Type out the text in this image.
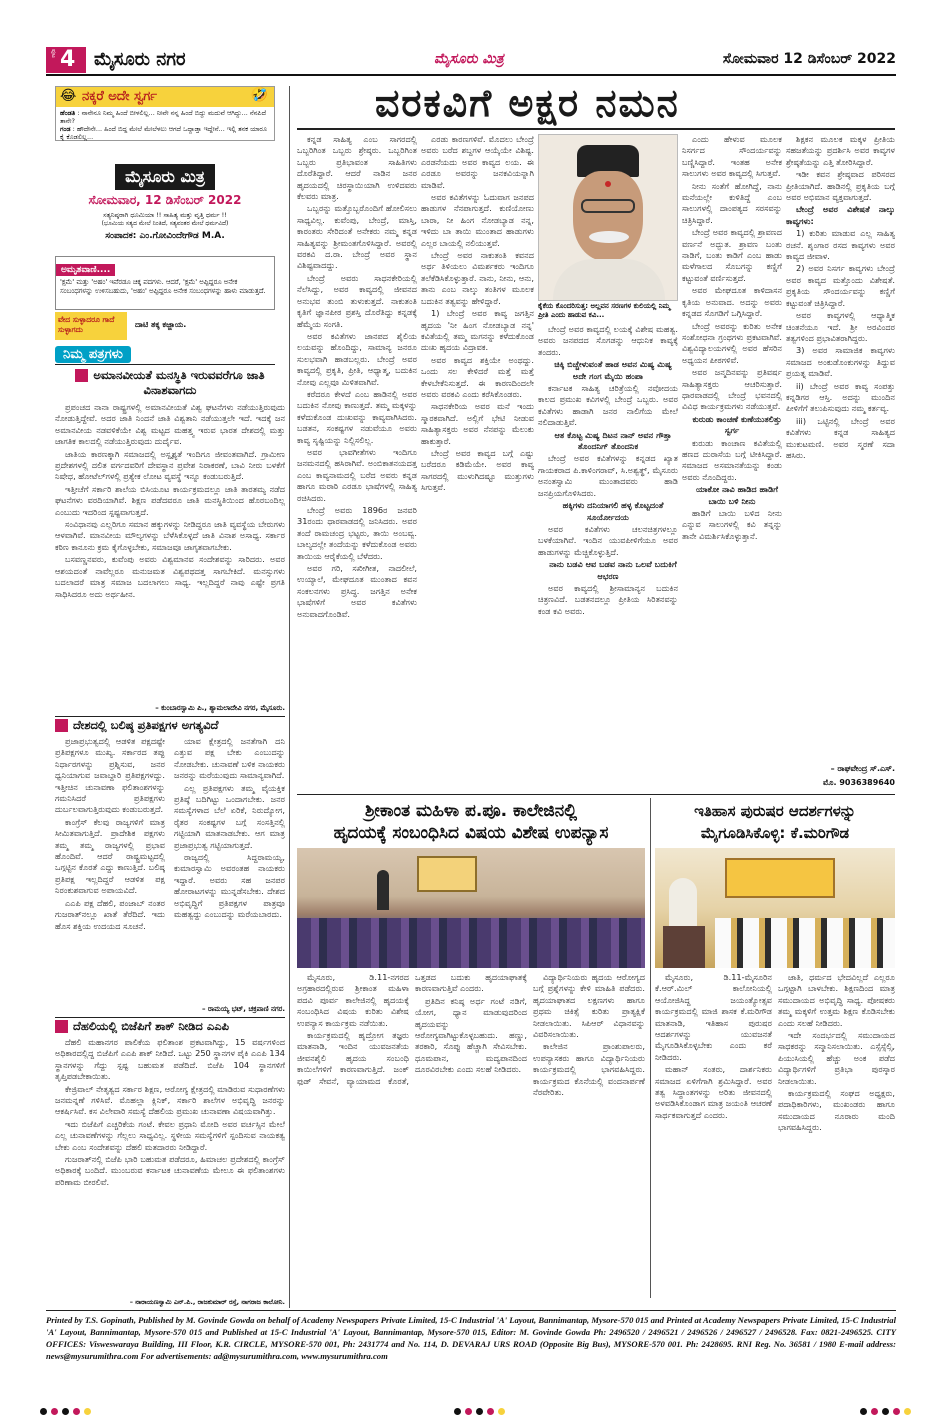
ಪುಟ 4 ಮೈಸೂರು ನಗರ	ಮೈಸೂರು ಮಿತ್ರ	ಸೋಮವಾರ 12 ಡಿಸೆಂಬರ್ 2022
😂 ನಕ್ಕರೆ ಅದೇ ಸ್ವರ್ಗ	🤣
ಹೆಂಡತಿ : ನಾನೇನೂ ನಿಮ್ಮ ಹಿಂದೆ ಬೀಳಲಿಲ್ಲ... ನೀವೇ ನನ್ನ ಹಿಂದೆ ಬಿದ್ದು ಮದುವೆ ಆಗಿದ್ದು... ನೆನಪಿದೆ ತಾನೇ?
ಗಂಡ : ಹೌದೇನೇ... ಹಿಂದೆ ಬಿದ್ದ ಮೇಲೆ ಮೇಲೆಳಲು ಆಗದೆ ಒದ್ದಾಡ್ತಾ ಇದ್ದೇನೆ... ಇಲ್ಲಿ ತನಕ ಯಾರೂ ಕೈ ಕೊಡಲಿಲ್ಲ...
ಮೈಸೂರು ಮಿತ್ರ
ಸೋಮವಾರ, 12 ಡಿಸೆಂಬರ್ 2022
ಸತ್ಯನಿಷ್ಠರಾಗಿ ಧೂಮಿಯಾ !! ಸಾಹಿತ್ಯ ಮತ್ತು ವೃತ್ತಿ ಧರ್ಮ !!
(ಭೂಮಿಯ ಸತ್ಯದ ಮೇಲೆ ನಿಂತಿದೆ, ಸತ್ಯವಂತರ ಮೇಲೆ ಧರ್ಮವಿದೆ)
ಸಂಪಾದಕ: ಎಂ.ಗೋವಿಂದೇಗೌಡ M.A.
ಅಮೃತವಾಣಿ....
'ಕ್ಷಮೆ' ಮತ್ತು 'ಅಹಂ' ಇವೆರಡೂ ಚಿಕ್ಕ ಪದಗಳು. ಆದರೆ, 'ಕ್ಷಮೆ' ಅಪ್ಪಿದ್ದರೂ ಅನೇಕ ಸಂಬಂಧಗಳನ್ನು ಉಳಿಸಬಹುದು, 'ಅಹಂ' ಅಪ್ಪಿದ್ದರೂ ಅನೇಕ ಸಂಬಂಧಗಳನ್ನು ಹಾಳು ಮಾಡುತ್ತದೆ.
ವೇದ ಸುಳ್ಳಾದರೂ ಗಾದೆ ಸುಳ್ಳಾಗದು
ದಾಟಿ ತಕ್ಕ ಕಜ್ಜಾಯ.
ನಿಮ್ಮ ಪತ್ರಗಳು
ಅಮಾನವೀಯತೆ ಮನಸ್ಥಿತಿ ಇರುವವರೆಗೂ ಜಾತಿ ವಿನಾಶವಾಗದು

ಪ್ರಪಂಚದ ನಾನಾ ರಾಷ್ಟ್ರಗಳಲ್ಲಿ ಅಮಾನವೀಯತೆ ವಿಶ್ವ ಘಟನೆಗಳು ನಡೆಯುತ್ತಿರುವುದು ನೋಡುತ್ತಿದ್ದೇವೆ. ಅದರ ಜಾತಿ ನಿಂದನೆ ಜಾತಿ ವಿಶ್ವತಾನಿ ನಡೆಯುತ್ತಲೇ ಇದೆ. ಇದಕ್ಕೆ ಜನ ಅಮಾನವೀಯ ನಡವಳಿಕೆಯೇ ವಿಶ್ವ ಮಟ್ಟದ ಮಹತ್ತ್ವ ಇರುವ ಭಾರತ ದೇಶದಲ್ಲಿ ಮತ್ತು ಜಾಗತಿಕ ಕಾಲದಲ್ಲಿ ನಡೆಯುತ್ತಿರುವುದು ದುರ್ದೈವ.

ಜಾತಿಯ ಕಾರಣಕ್ಕಾಗಿ ಸಮಾಜದಲ್ಲಿ ಅಸ್ಪೃಶ್ಯತೆ ಇಂದಿಗೂ ಜೀವಂತವಾಗಿದೆ. ಗ್ರಾಮೀಣ ಪ್ರದೇಶಗಳಲ್ಲಿ ದಲಿತ ವರ್ಗದವರಿಗೆ ದೇವಸ್ಥಾನ ಪ್ರವೇಶ ನಿರಾಕರಣೆ, ಬಾವಿ ನೀರು ಬಳಕೆಗೆ ನಿಷೇಧ, ಹೋಟೆಲ್‌ಗಳಲ್ಲಿ ಪ್ರತ್ಯೇಕ ಲೋಟ ವ್ಯವಸ್ಥೆ ಇನ್ನೂ ಕಂಡುಬರುತ್ತಿದೆ.

ಇತ್ತೀಚೆಗೆ ಸರ್ಕಾರಿ ಶಾಲೆಯ ಬಿಸಿಯೂಟ ಕಾರ್ಯಕ್ರಮದಲ್ಲೂ ಜಾತಿ ತಾರತಮ್ಯ ನಡೆದ ಘಟನೆಗಳು ವರದಿಯಾಗಿವೆ. ಶಿಕ್ಷಣ ಪಡೆದವರೂ ಜಾತಿ ಮನಸ್ಥಿತಿಯಿಂದ ಹೊರಬಂದಿಲ್ಲ ಎಂಬುದು ಇದರಿಂದ ಸ್ಪಷ್ಟವಾಗುತ್ತದೆ.

ಸಂವಿಧಾನವು ಎಲ್ಲರಿಗೂ ಸಮಾನ ಹಕ್ಕುಗಳನ್ನು ನೀಡಿದ್ದರೂ ಜಾತಿ ವ್ಯವಸ್ಥೆಯ ಬೇರುಗಳು ಆಳವಾಗಿವೆ. ಮಾನವೀಯ ಮೌಲ್ಯಗಳನ್ನು ಬೆಳೆಸಿಕೊಳ್ಳದೆ ಜಾತಿ ವಿನಾಶ ಅಸಾಧ್ಯ. ಸರ್ಕಾರ ಕಠಿಣ ಕಾನೂನು ಕ್ರಮ ಕೈಗೊಳ್ಳಬೇಕು, ಸಮಾಜವೂ ಜಾಗೃತವಾಗಬೇಕು.

ಬಸವಣ್ಣನವರು, ಕುವೆಂಪು ಅವರು ವಿಶ್ವಮಾನವ ಸಂದೇಶವನ್ನು ಸಾರಿದರು. ಅವರ ಆಶಯದಂತೆ ನಾವೆಲ್ಲರೂ ಮನುಜಮತ ವಿಶ್ವಪಥದತ್ತ ಸಾಗಬೇಕಿದೆ. ಮನಸ್ಸುಗಳು ಬದಲಾದರೆ ಮಾತ್ರ ಸಮಾಜ ಬದಲಾಗಲು ಸಾಧ್ಯ. ಇಲ್ಲದಿದ್ದರೆ ನಾವು ಎಷ್ಟೇ ಪ್ರಗತಿ ಸಾಧಿಸಿದರೂ ಅದು ಅರ್ಥಹೀನ.

– ಕುಂಬಾರಸ್ವಾಮಿ ಪಿ., ಶ್ಯಾಮಲಾದೇವಿ ನಗರ, ಮೈಸೂರು.
ದೇಶದಲ್ಲಿ ಬಲಿಷ್ಠ ಪ್ರತಿಪಕ್ಷಗಳ ಅಗತ್ಯವಿದೆ

ಪ್ರಜಾಪ್ರಭುತ್ವದಲ್ಲಿ ಆಡಳಿತ ಪಕ್ಷದಷ್ಟೇ ಪ್ರತಿಪಕ್ಷಗಳೂ ಮುಖ್ಯ. ಸರ್ಕಾರದ ತಪ್ಪು ನಿರ್ಧಾರಗಳನ್ನು ಪ್ರಶ್ನಿಸುವ, ಜನರ ಧ್ವನಿಯಾಗುವ ಜವಾಬ್ದಾರಿ ಪ್ರತಿಪಕ್ಷಗಳದ್ದು. ಇತ್ತೀಚಿನ ಚುನಾವಣಾ ಫಲಿತಾಂಶಗಳನ್ನು ಗಮನಿಸಿದರೆ ಪ್ರತಿಪಕ್ಷಗಳು ದುರ್ಬಲವಾಗುತ್ತಿರುವುದು ಕಂಡುಬರುತ್ತದೆ.

ಕಾಂಗ್ರೆಸ್ ಕೆಲವು ರಾಜ್ಯಗಳಿಗೆ ಮಾತ್ರ ಸೀಮಿತವಾಗುತ್ತಿದೆ. ಪ್ರಾದೇಶಿಕ ಪಕ್ಷಗಳು ತಮ್ಮ ತಮ್ಮ ರಾಜ್ಯಗಳಲ್ಲಿ ಪ್ರಭಾವ ಹೊಂದಿವೆ. ಆದರೆ ರಾಷ್ಟ್ರಮಟ್ಟದಲ್ಲಿ ಒಗ್ಗಟ್ಟಿನ ಕೊರತೆ ಎದ್ದು ಕಾಣುತ್ತಿದೆ. ಬಲಿಷ್ಠ ಪ್ರತಿಪಕ್ಷ ಇಲ್ಲದಿದ್ದರೆ ಆಡಳಿತ ಪಕ್ಷ ನಿರಂಕುಶವಾಗುವ ಅಪಾಯವಿದೆ.

ಎಎಪಿ ಪಕ್ಷ ದೆಹಲಿ, ಪಂಜಾಬ್ ನಂತರ ಗುಜರಾತ್‌ನಲ್ಲೂ ಖಾತೆ ತೆರೆದಿದೆ. ಇದು ಹೊಸ ಶಕ್ತಿಯ ಉದಯದ ಸೂಚನೆ.

ಯಾವ ಕ್ಷೇತ್ರದಲ್ಲಿ ಜನತೆಗಾಗಿ ದನಿ ಎತ್ತುವ ಪಕ್ಷ ಬೇಕು ಎಂಬುದನ್ನು ನೋಡಬೇಕು. ಚುನಾವಣೆ ಬಳಿಕ ನಾಯಕರು ಜನರನ್ನು ಮರೆಯುವುದು ಸಾಮಾನ್ಯವಾಗಿದೆ.

ಎಲ್ಲ ಪ್ರತಿಪಕ್ಷಗಳು ತಮ್ಮ ವೈಯಕ್ತಿಕ ಪ್ರತಿಷ್ಠೆ ಬದಿಗಿಟ್ಟು ಒಂದಾಗಬೇಕು. ಜನರ ಸಮಸ್ಯೆಗಳಾದ ಬೆಲೆ ಏರಿಕೆ, ನಿರುದ್ಯೋಗ, ರೈತರ ಸಂಕಷ್ಟಗಳ ಬಗ್ಗೆ ಸಂಸತ್ತಿನಲ್ಲಿ ಗಟ್ಟಿಯಾಗಿ ಮಾತನಾಡಬೇಕು. ಆಗ ಮಾತ್ರ ಪ್ರಜಾಪ್ರಭುತ್ವ ಗಟ್ಟಿಯಾಗುತ್ತದೆ.

ರಾಜ್ಯದಲ್ಲಿ ಸಿದ್ದರಾಮಯ್ಯ, ಕುಮಾರಸ್ವಾಮಿ ಅವರಂತಹ ನಾಯಕರು ಇದ್ದಾರೆ. ಅವರು ಸಹ ಜನಪರ ಹೋರಾಟಗಳನ್ನು ಮುನ್ನಡೆಸಬೇಕು. ದೇಶದ ಅಭಿವೃದ್ಧಿಗೆ ಪ್ರತಿಪಕ್ಷಗಳ ಪಾತ್ರವೂ ಮಹತ್ವದ್ದು ಎಂಬುದನ್ನು ಮರೆಯಬಾರದು.

– ರಾಮಯ್ಯ ಭಟ್, ಚಕ್ರಪಾಣಿ ನಗರ.
ದೆಹಲಿಯಲ್ಲಿ ಬಿಜೆಪಿಗೆ ಶಾಕ್ ನೀಡಿದ ಎಎಪಿ

ದೆಹಲಿ ಮಹಾನಗರ ಪಾಲಿಕೆಯ ಫಲಿತಾಂಶ ಪ್ರಕಟವಾಗಿದ್ದು, 15 ವರ್ಷಗಳಿಂದ ಅಧಿಕಾರದಲ್ಲಿದ್ದ ಬಿಜೆಪಿಗೆ ಎಎಪಿ ಶಾಕ್ ನೀಡಿದೆ. ಒಟ್ಟು 250 ಸ್ಥಾನಗಳ ಪೈಕಿ ಎಎಪಿ 134 ಸ್ಥಾನಗಳನ್ನು ಗೆದ್ದು ಸ್ಪಷ್ಟ ಬಹುಮತ ಪಡೆದಿದೆ. ಬಿಜೆಪಿ 104 ಸ್ಥಾನಗಳಿಗೆ ತೃಪ್ತಿಪಡಬೇಕಾಯಿತು.

ಕೇಜ್ರಿವಾಲ್ ನೇತೃತ್ವದ ಸರ್ಕಾರ ಶಿಕ್ಷಣ, ಆರೋಗ್ಯ ಕ್ಷೇತ್ರದಲ್ಲಿ ಮಾಡಿರುವ ಸುಧಾರಣೆಗಳು ಜನಮನ್ನಣೆ ಗಳಿಸಿವೆ. ಮೊಹಲ್ಲಾ ಕ್ಲಿನಿಕ್, ಸರ್ಕಾರಿ ಶಾಲೆಗಳ ಅಭಿವೃದ್ಧಿ ಜನರನ್ನು ಆಕರ್ಷಿಸಿವೆ. ಕಸ ವಿಲೇವಾರಿ ಸಮಸ್ಯೆ ದೆಹಲಿಯ ಪ್ರಮುಖ ಚುನಾವಣಾ ವಿಷಯವಾಗಿತ್ತು.

ಇದು ಬಿಜೆಪಿಗೆ ಎಚ್ಚರಿಕೆಯ ಗಂಟೆ. ಕೇವಲ ಪ್ರಧಾನಿ ಮೋದಿ ಅವರ ವರ್ಚಸ್ಸಿನ ಮೇಲೆ ಎಲ್ಲ ಚುನಾವಣೆಗಳನ್ನು ಗೆಲ್ಲಲು ಸಾಧ್ಯವಿಲ್ಲ. ಸ್ಥಳೀಯ ಸಮಸ್ಯೆಗಳಿಗೆ ಸ್ಪಂದಿಸುವ ನಾಯಕತ್ವ ಬೇಕು ಎಂಬ ಸಂದೇಶವನ್ನು ದೆಹಲಿ ಮತದಾರರು ನೀಡಿದ್ದಾರೆ.

ಗುಜರಾತ್‌ನಲ್ಲಿ ಬಿಜೆಪಿ ಭಾರಿ ಬಹುಮತ ಪಡೆದರೂ, ಹಿಮಾಚಲ ಪ್ರದೇಶದಲ್ಲಿ ಕಾಂಗ್ರೆಸ್ ಅಧಿಕಾರಕ್ಕೆ ಬಂದಿದೆ. ಮುಂಬರುವ ಕರ್ನಾಟಕ ಚುನಾವಣೆಯ ಮೇಲೂ ಈ ಫಲಿತಾಂಶಗಳು ಪರಿಣಾಮ ಬೀರಲಿವೆ.

– ನಾರಾಯಣಸ್ವಾಮಿ ಎನ್.ಪಿ., ರಾಜಕುಮಾರ್ ರಸ್ತೆ, ನಾಗರಾಜ ಕಾಲೋನಿ.
ವರಕವಿಗೆ ಅಕ್ಷರ ನಮನ

ಕನ್ನಡ ಸಾಹಿತ್ಯ ಎಂಬ ಸಾಗರದಲ್ಲಿ ಒಬ್ಬರಿಗಿಂತ ಒಬ್ಬರು ಶ್ರೇಷ್ಠರು. ಒಬ್ಬರಿಗಿಂತ ಒಬ್ಬರು ಪ್ರತಿಭಾವಂತ ಸಾಹಿತಿಗಳು ದೊರೆತಿದ್ದಾರೆ. ಆದರೆ ನಾಡಿನ ಜನರ ಹೃದಯದಲ್ಲಿ ಚಿರಸ್ಥಾಯಿಯಾಗಿ ಉಳಿದವರು ಕೆಲವರು ಮಾತ್ರ.

ಒಬ್ಬರನ್ನು ಮತ್ತೊಬ್ಬರೊಂದಿಗೆ ಹೋಲಿಸಲು ಸಾಧ್ಯವಿಲ್ಲ. ಕುವೆಂಪು, ಬೇಂದ್ರೆ, ಮಾಸ್ತಿ, ಕಾರಂತರು ಸೇರಿದಂತೆ ಅನೇಕರು ನಮ್ಮ ಕನ್ನಡ ಸಾಹಿತ್ಯವನ್ನು ಶ್ರೀಮಂತಗೊಳಿಸಿದ್ದಾರೆ. ಅವರಲ್ಲಿ ವರಕವಿ ದ.ರಾ. ಬೇಂದ್ರೆ ಅವರ ಸ್ಥಾನ ವಿಶಿಷ್ಟವಾದದ್ದು.

ಬೇಂದ್ರೆ ಅವರು ಸಾಧನಕೇರಿಯಲ್ಲಿ ನೆಲೆಸಿದ್ದು, ಅವರ ಕಾವ್ಯದಲ್ಲಿ ಜೀವನದ ಅನುಭವ ತುಂಬಿ ತುಳುಕುತ್ತದೆ. ನಾಕುತಂತಿ ಕೃತಿಗೆ ಜ್ಞಾನಪೀಠ ಪ್ರಶಸ್ತಿ ದೊರೆತಿದ್ದು ಕನ್ನಡಕ್ಕೆ ಹೆಮ್ಮೆಯ ಸಂಗತಿ.

ಅವರ ಕವಿತೆಗಳು ಜಾನಪದ ಶೈಲಿಯ ಲಯವನ್ನು ಹೊಂದಿದ್ದು, ಸಾಮಾನ್ಯ ಜನರೂ ಸುಲಭವಾಗಿ ಹಾಡಬಲ್ಲರು. ಬೇಂದ್ರೆ ಅವರ ಕಾವ್ಯದಲ್ಲಿ ಪ್ರಕೃತಿ, ಪ್ರೀತಿ, ಆಧ್ಯಾತ್ಮ, ಬದುಕಿನ ನೋವು ಎಲ್ಲವೂ ಮಿಳಿತವಾಗಿವೆ.

ಕರೆದರೂ ಕೇಳದೆ ಎಂಬ ಹಾಡಿನಲ್ಲಿ ಅವರ ಬದುಕಿನ ನೋವು ಕಾಣುತ್ತದೆ. ತಮ್ಮ ಮಕ್ಕಳನ್ನು ಕಳೆದುಕೊಂಡ ದುಃಖವನ್ನು ಕಾವ್ಯವಾಗಿಸಿದರು. ಬಡತನ, ಸಂಕಷ್ಟಗಳ ನಡುವೆಯೂ ಅವರು ಕಾವ್ಯ ಸೃಷ್ಟಿಯನ್ನು ನಿಲ್ಲಿಸಲಿಲ್ಲ.

ಅವರ ಭಾವಗೀತೆಗಳು ಇಂದಿಗೂ ಜನಮನದಲ್ಲಿ ಹಸಿರಾಗಿವೆ. ಅಂಬಿಕಾತನಯದತ್ತ ಎಂಬ ಕಾವ್ಯನಾಮದಲ್ಲಿ ಬರೆದ ಅವರು ಕನ್ನಡ ಹಾಗೂ ಮರಾಠಿ ಎರಡೂ ಭಾಷೆಗಳಲ್ಲಿ ಸಾಹಿತ್ಯ ರಚಿಸಿದರು.

ಬೇಂದ್ರೆ ಅವರು 1896ರ ಜನವರಿ 31ರಂದು ಧಾರವಾಡದಲ್ಲಿ ಜನಿಸಿದರು. ಅವರ ತಂದೆ ರಾಮಚಂದ್ರ ಭಟ್ಟರು, ತಾಯಿ ಅಂಬವ್ವ. ಬಾಲ್ಯದಲ್ಲೇ ತಂದೆಯನ್ನು ಕಳೆದುಕೊಂಡ ಅವರು ತಾಯಿಯ ಆರೈಕೆಯಲ್ಲಿ ಬೆಳೆದರು.

ಅವರ ಗರಿ, ಸಖೀಗೀತ, ನಾದಲೀಲೆ, ಉಯ್ಯಾಲೆ, ಮೇಘದೂತ ಮುಂತಾದ ಕವನ ಸಂಕಲನಗಳು ಪ್ರಸಿದ್ಧ. ಜಗತ್ತಿನ ಅನೇಕ ಭಾಷೆಗಳಿಗೆ ಅವರ ಕವಿತೆಗಳು ಅನುವಾದಗೊಂಡಿವೆ.

ಎರಡು ಕಾರಣಗಳಿವೆ. ಮೊದಲು ಬೇಂದ್ರೆ ಅವರು ಬರೆದ ಶಬ್ದಗಳ ಆಯ್ಕೆಯೇ ವಿಶಿಷ್ಟ. ಎರಡನೆಯದು ಅವರ ಕಾವ್ಯದ ಲಯ. ಈ ಎರಡೂ ಅವರನ್ನು ಜನಕವಿಯನ್ನಾಗಿ ಮಾಡಿವೆ.

ಅವರ ಕವಿತೆಗಳನ್ನು ಓದುವಾಗ ಜನಪದ ಹಾಡುಗಳ ನೆನಪಾಗುತ್ತದೆ. ಕುಣಿಯೋಣು ಬಾರಾ, ನೀ ಹಿಂಗ ನೋಡಬ್ಯಾಡ ನನ್ನ, ಇಳಿದು ಬಾ ತಾಯಿ ಮುಂತಾದ ಹಾಡುಗಳು ಎಲ್ಲರ ಬಾಯಲ್ಲಿ ನಲಿಯುತ್ತವೆ.

ಬೇಂದ್ರೆ ಅವರ ನಾಕುತಂತಿ ಕವನದ ಅರ್ಥ ತಿಳಿಯಲು ವಿಮರ್ಶಕರು ಇಂದಿಗೂ ತಲೆಕೆಡಿಸಿಕೊಳ್ಳುತ್ತಾರೆ. ನಾನು, ನೀನು, ಆನು, ತಾನು ಎಂಬ ನಾಲ್ಕು ತಂತಿಗಳ ಮೂಲಕ ಬದುಕಿನ ತತ್ವವನ್ನು ಹೇಳಿದ್ದಾರೆ.

1) ಬೇಂದ್ರೆ ಅವರ ಕಾವ್ಯ ಜಗತ್ತಿನ ಹೃದಯ 'ನೀ ಹಿಂಗ ನೋಡಬ್ಯಾಡ ನನ್ನ' ಕವಿತೆಯಲ್ಲಿ ತಮ್ಮ ಮಗನನ್ನು ಕಳೆದುಕೊಂಡ ದುಃಖ ಹೃದಯ ವಿದ್ರಾವಕ.

ಅವರ ಕಾವ್ಯದ ಶಕ್ತಿಯೇ ಅಂಥದ್ದು. ಒಂದು ಸಲ ಕೇಳಿದರೆ ಮತ್ತೆ ಮತ್ತೆ ಕೇಳಬೇಕೆನಿಸುತ್ತದೆ. ಈ ಕಾರಣದಿಂದಲೇ ಅವರು ವರಕವಿ ಎಂದು ಕರೆಸಿಕೊಂಡರು.

ಸಾಧನಕೇರಿಯ ಅವರ ಮನೆ ಇಂದು ಸ್ಮಾರಕವಾಗಿದೆ. ಅಲ್ಲಿಗೆ ಭೇಟಿ ನೀಡುವ ಸಾಹಿತ್ಯಾಸಕ್ತರು ಅವರ ನೆನಪನ್ನು ಮೆಲುಕು ಹಾಕುತ್ತಾರೆ.

ಬೇಂದ್ರೆ ಅವರ ಕಾವ್ಯದ ಬಗ್ಗೆ ಎಷ್ಟು ಬರೆದರೂ ಕಡಿಮೆಯೇ. ಅವರ ಕಾವ್ಯ ಸಾಗರದಲ್ಲಿ ಮುಳುಗಿದಷ್ಟೂ ಮುತ್ತುಗಳು ಸಿಗುತ್ತವೆ.

ಕೈಕೆಯ ಕೊಂದರಿಸುತ್ತ: ಅಲ್ಲವನ ಸರಣಗಳ ಕುಲಿಯಲ್ಲಿ ನಿಮ್ಮ ಪ್ರೀತಿ ಎಂದು ಹಾಡುವ ಕವಿ...

ಬೇಂದ್ರೆ ಅವರ ಕಾವ್ಯದಲ್ಲಿ ಲಯಕ್ಕೆ ವಿಶೇಷ ಮಹತ್ವ. ಅವರು ಜನಪದದ ಸೊಗಡನ್ನು ಆಧುನಿಕ ಕಾವ್ಯಕ್ಕೆ ತಂದರು.

ಚಿಕ್ಕಿ ಬಿಚ್ಚೇಳುವಂತೆ ಹಾಡ ಅವನ ಮಿಷ್ಯ ಮಿಷ್ಯ ಅದೇ ಗಂಗ ಮೈಯಿ ಹಂಪಾ

ಕರ್ನಾಟಕ ಸಾಹಿತ್ಯ ಚರಿತ್ರೆಯಲ್ಲಿ ನವೋದಯ ಕಾಲದ ಪ್ರಮುಖ ಕವಿಗಳಲ್ಲಿ ಬೇಂದ್ರೆ ಒಬ್ಬರು. ಅವರ ಕವಿತೆಗಳು ಹಾಡಾಗಿ ಜನರ ನಾಲಿಗೆಯ ಮೇಲೆ ನಲಿದಾಡುತ್ತಿವೆ.

ಆತ ಕೊಟ್ಟ ಮಿಷ್ಯ ದಿಟನ ನಾನ್ ಅವನ ಗೌತ್ತಾ ತೊಂದನಿಗ್ ತೊಂದನಿಕ

ಬೇಂದ್ರೆ ಅವರ ಕವಿತೆಗಳನ್ನು ಕನ್ನಡದ ಖ್ಯಾತ ಗಾಯಕರಾದ ಪಿ.ಕಾಳಿಂಗರಾವ್, ಸಿ.ಅಶ್ವತ್ಥ್, ಮೈಸೂರು ಅನಂತಸ್ವಾಮಿ ಮುಂತಾದವರು ಹಾಡಿ ಜನಪ್ರಿಯಗೊಳಿಸಿದರು.

ಹಕ್ಕಿಗಳು ದನಿಯಾಗಲಿ ಹಳ್ಳ ಕೊಟ್ಟದಂತೆ ಸೂರ್ಯೋದಯ

ಅವರ ಕವಿತೆಗಳು ಚಲನಚಿತ್ರಗಳಲ್ಲೂ ಬಳಕೆಯಾಗಿವೆ. ಇಂದಿನ ಯುವಪೀಳಿಗೆಯೂ ಅವರ ಹಾಡುಗಳನ್ನು ಮೆಚ್ಚಿಕೊಳ್ಳುತ್ತಿದೆ.

ನಾನು ಬಡವಿ ಆವ ಬಡವ ನಾನು ಒಲವೆ ಬದುಕಿಗೆ ಆಭರಣ

ಅವರ ಕಾವ್ಯದಲ್ಲಿ ಶ್ರೀಸಾಮಾನ್ಯನ ಬದುಕಿನ ಚಿತ್ರಣವಿದೆ. ಬಡತನದಲ್ಲೂ ಪ್ರೀತಿಯ ಸಿರಿತನವನ್ನು ಕಂಡ ಕವಿ ಅವರು.

ಎಂದು ಹೇಳುವ ಮೂಲಕ ನಿಸರ್ಗದ ಸೌಂದರ್ಯವನ್ನು ಬಣ್ಣಿಸಿದ್ದಾರೆ. ಇಂತಹ ಅನೇಕ ಸಾಲುಗಳು ಅವರ ಕಾವ್ಯದಲ್ಲಿ ಸಿಗುತ್ತವೆ.

ನೀನು ಸಂತೆಗೆ ಹೋಗಿದ್ದೆ, ನಾನು ಮನೆಯಲ್ಲೇ ಕುಳಿತಿದ್ದೆ ಎಂಬ ಸಾಲುಗಳಲ್ಲಿ ದಾಂಪತ್ಯದ ಸರಸವನ್ನು ಚಿತ್ರಿಸಿದ್ದಾರೆ.

ಬೇಂದ್ರೆ ಅವರ ಕಾವ್ಯದಲ್ಲಿ ಶ್ರಾವಣದ ವರ್ಣನೆ ಅದ್ಭುತ. ಶ್ರಾವಣ ಬಂತು ನಾಡಿಗೆ, ಬಂತು ಕಾಡಿಗೆ ಎಂಬ ಹಾಡು ಮಳೆಗಾಲದ ಸೊಬಗನ್ನು ಕಣ್ಣಿಗೆ ಕಟ್ಟುವಂತೆ ವರ್ಣಿಸುತ್ತದೆ.

ಅವರ ಮೇಘದೂತ ಕಾಳಿದಾಸನ ಕೃತಿಯ ಅನುವಾದ. ಅದನ್ನು ಅವರು ಕನ್ನಡದ ಸೊಗಡಿಗೆ ಒಗ್ಗಿಸಿದ್ದಾರೆ.

ಬೇಂದ್ರೆ ಅವರನ್ನು ಕುರಿತು ಅನೇಕ ಸಂಶೋಧನಾ ಗ್ರಂಥಗಳು ಪ್ರಕಟವಾಗಿವೆ. ವಿಶ್ವವಿದ್ಯಾಲಯಗಳಲ್ಲಿ ಅವರ ಹೆಸರಿನ ಅಧ್ಯಯನ ಪೀಠಗಳಿವೆ.

ಅವರ ಜನ್ಮದಿನವನ್ನು ಪ್ರತಿವರ್ಷ ಸಾಹಿತ್ಯಾಸಕ್ತರು ಆಚರಿಸುತ್ತಾರೆ. ಧಾರವಾಡದಲ್ಲಿ ಬೇಂದ್ರೆ ಭವನದಲ್ಲಿ ವಿವಿಧ ಕಾರ್ಯಕ್ರಮಗಳು ನಡೆಯುತ್ತವೆ.

ಕುರುಡು ಕಾಂಚಣೆ ಕುಣೆಯುತಲಿತ್ತು ಸ್ವರ್ಗ

ಕುರುಡು ಕಾಂಚಾಣ ಕವಿತೆಯಲ್ಲಿ ಹಣದ ದುರಾಸೆಯ ಬಗ್ಗೆ ಟೀಕಿಸಿದ್ದಾರೆ. ಸಮಾಜದ ಅಸಮಾನತೆಯನ್ನು ಕಂಡು ಅವರು ನೊಂದಿದ್ದರು.

ಯಾಕೋ ನಾವಿ ಹಾಡಿದ ಹಾಡಿಗೆ ಬಾಯಿ ಬಳಿ ನೀನು

ಹಾಡಿಗೆ ಬಾಯಿ ಬಳಿದ ನೀನು ಎನ್ನುವ ಸಾಲುಗಳಲ್ಲಿ ಕವಿ ತನ್ನನ್ನು ತಾನೇ ವಿಮರ್ಶಿಸಿಕೊಳ್ಳುತ್ತಾನೆ.

ಶಿಕ್ಷಕನ ಮೂಲಕ ಮಕ್ಕಳ ಪ್ರೀತಿಯ ಸಹಜತೆಯನ್ನು ಪ್ರದರ್ಶಿಸಿ ಅವರ ಕಾವ್ಯಗಳ ಶ್ರೇಷ್ಠತೆಯನ್ನು ಎತ್ತಿ ತೋರಿಸಿದ್ದಾರೆ.

ಇಡೀ ಕವನ ಶ್ರೇಷ್ಠವಾದ ಪರಿಸರದ ಪ್ರೀತಿಯಾಗಿದೆ. ಹಾಡಿನಲ್ಲಿ ಪ್ರಕೃತಿಯ ಬಗ್ಗೆ ಅವರ ಅಭಿಮಾನ ವ್ಯಕ್ತವಾಗುತ್ತದೆ.

ಬೇಂದ್ರೆ ಅವರ ವಿಶೇಷತೆ ನಾಲ್ಕು ಕಾವ್ಯಗಳು:

1) ಕುರಿತು ಮಾಡುವ ಎಲ್ಲ ಸಾಹಿತ್ಯ ರಚನೆ. ಶೃಂಗಾರ ರಸದ ಕಾವ್ಯಗಳು ಅವರ ಕಾವ್ಯದ ಜೀವಾಳ.

2) ಅವರ ನಿಸರ್ಗ ಕಾವ್ಯಗಳು ಬೇಂದ್ರೆ ಅವರ ಕಾವ್ಯದ ಮತ್ತೊಂದು ವಿಶೇಷತೆ. ಪ್ರಕೃತಿಯ ಸೌಂದರ್ಯವನ್ನು ಕಣ್ಣಿಗೆ ಕಟ್ಟುವಂತೆ ಚಿತ್ರಿಸಿದ್ದಾರೆ.

ಅವರ ಕಾವ್ಯಗಳಲ್ಲಿ ಆಧ್ಯಾತ್ಮಿಕ ಚಿಂತನೆಯೂ ಇದೆ. ಶ್ರೀ ಅರವಿಂದರ ತತ್ವಗಳಿಂದ ಪ್ರಭಾವಿತರಾಗಿದ್ದರು.

3) ಅವರ ಸಾಮಾಜಿಕ ಕಾವ್ಯಗಳು ಸಮಾಜದ ಅಂಕುಡೊಂಕುಗಳನ್ನು ತಿದ್ದುವ ಪ್ರಯತ್ನ ಮಾಡಿವೆ.

ii) ಬೇಂದ್ರೆ ಅವರ ಕಾವ್ಯ ಸಂಪತ್ತು ಕನ್ನಡಿಗರ ಆಸ್ತಿ. ಅದನ್ನು ಮುಂದಿನ ಪೀಳಿಗೆಗೆ ತಲುಪಿಸುವುದು ನಮ್ಮ ಕರ್ತವ್ಯ.

iii) ಒಟ್ಟಿನಲ್ಲಿ ಬೇಂದ್ರೆ ಅವರ ಕವಿತೆಗಳು ಕನ್ನಡ ಸಾಹಿತ್ಯದ ಮುಕುಟಮಣಿ. ಅವರ ಸ್ಮರಣೆ ಸದಾ ಹಸಿರು.

– ರಾಘವೇಂದ್ರ ಸ್.ಎಸ್.
ಮೊ. 9036389640
ಶ್ರೀಕಾಂತ ಮಹಿಳಾ ಪ.ಪೂ. ಕಾಲೇಜಿನಲ್ಲಿ
ಹೃದಯಕ್ಕೆ ಸಂಬಂಧಿಸಿದ ವಿಷಯ ವಿಶೇಷ ಉಪನ್ಯಾಸ

ಮೈಸೂರು, ಡಿ.11-ನಗರದ ಅಗ್ರಹಾರದಲ್ಲಿರುವ ಶ್ರೀಕಾಂತ ಮಹಿಳಾ ಪದವಿ ಪೂರ್ವ ಕಾಲೇಜಿನಲ್ಲಿ ಹೃದಯಕ್ಕೆ ಸಂಬಂಧಿಸಿದ ವಿಷಯ ಕುರಿತು ವಿಶೇಷ ಉಪನ್ಯಾಸ ಕಾರ್ಯಕ್ರಮ ನಡೆಯಿತು.

ಕಾರ್ಯಕ್ರಮದಲ್ಲಿ ಹೃದ್ರೋಗ ತಜ್ಞರು ಮಾತನಾಡಿ, ಇಂದಿನ ಯುವಜನತೆಯ ಜೀವನಶೈಲಿ ಹೃದಯ ಸಂಬಂಧಿ ಕಾಯಿಲೆಗಳಿಗೆ ಕಾರಣವಾಗುತ್ತಿದೆ. ಜಂಕ್ ಫುಡ್ ಸೇವನೆ, ವ್ಯಾಯಾಮದ ಕೊರತೆ, ಒತ್ತಡದ ಬದುಕು ಹೃದಯಾಘಾತಕ್ಕೆ ಕಾರಣವಾಗುತ್ತಿವೆ ಎಂದರು.

ಪ್ರತಿದಿನ ಕನಿಷ್ಠ ಅರ್ಧ ಗಂಟೆ ನಡಿಗೆ, ಯೋಗ, ಧ್ಯಾನ ಮಾಡುವುದರಿಂದ ಹೃದಯವನ್ನು ಆರೋಗ್ಯವಾಗಿಟ್ಟುಕೊಳ್ಳಬಹುದು. ಹಣ್ಣು, ತರಕಾರಿ, ಸೊಪ್ಪು ಹೆಚ್ಚಾಗಿ ಸೇವಿಸಬೇಕು. ಧೂಮಪಾನ, ಮದ್ಯಪಾನದಿಂದ ದೂರವಿರಬೇಕು ಎಂದು ಸಲಹೆ ನೀಡಿದರು.

ವಿದ್ಯಾರ್ಥಿನಿಯರು ಹೃದಯ ಆರೋಗ್ಯದ ಬಗ್ಗೆ ಪ್ರಶ್ನೆಗಳನ್ನು ಕೇಳಿ ಮಾಹಿತಿ ಪಡೆದರು. ಹೃದಯಾಘಾತದ ಲಕ್ಷಣಗಳು ಹಾಗೂ ಪ್ರಥಮ ಚಿಕಿತ್ಸೆ ಕುರಿತು ಪ್ರಾತ್ಯಕ್ಷಿಕೆ ನೀಡಲಾಯಿತು. ಸಿಪಿಆರ್ ವಿಧಾನವನ್ನು ವಿವರಿಸಲಾಯಿತು.

ಕಾಲೇಜಿನ ಪ್ರಾಂಶುಪಾಲರು, ಉಪನ್ಯಾಸಕರು ಹಾಗೂ ವಿದ್ಯಾರ್ಥಿನಿಯರು ಕಾರ್ಯಕ್ರಮದಲ್ಲಿ ಭಾಗವಹಿಸಿದ್ದರು. ಕಾರ್ಯಕ್ರಮದ ಕೊನೆಯಲ್ಲಿ ವಂದನಾರ್ಪಣೆ ನೆರವೇರಿತು.

ಇತಿಹಾಸ ಪುರುಷರ ಆದರ್ಶಗಳನ್ನು
ಮೈಗೂಡಿಸಿಕೊಳ್ಳಿ: ಕೆ.ಮರಿಗೌಡ

ಮೈಸೂರು, ಡಿ.11-ಮೈಸೂರಿನ ಕೆ.ಆರ್.ಮಿಲ್ ಕಾಲೋನಿಯಲ್ಲಿ ಆಯೋಜಿಸಿದ್ದ ಜಯಂತ್ಯೋತ್ಸವ ಕಾರ್ಯಕ್ರಮದಲ್ಲಿ ಮಾಜಿ ಶಾಸಕ ಕೆ.ಮರಿಗೌಡ ಮಾತನಾಡಿ, ಇತಿಹಾಸ ಪುರುಷರ ಆದರ್ಶಗಳನ್ನು ಯುವಜನತೆ ಮೈಗೂಡಿಸಿಕೊಳ್ಳಬೇಕು ಎಂದು ಕರೆ ನೀಡಿದರು.

ಮಹಾನ್ ಸಂತರು, ದಾರ್ಶನಿಕರು ಸಮಾಜದ ಏಳಿಗೆಗಾಗಿ ಶ್ರಮಿಸಿದ್ದಾರೆ. ಅವರ ತತ್ವ ಸಿದ್ಧಾಂತಗಳನ್ನು ಅರಿತು ಜೀವನದಲ್ಲಿ ಅಳವಡಿಸಿಕೊಂಡಾಗ ಮಾತ್ರ ಜಯಂತಿ ಆಚರಣೆ ಸಾರ್ಥಕವಾಗುತ್ತದೆ ಎಂದರು.

ಜಾತಿ, ಧರ್ಮದ ಭೇದವಿಲ್ಲದೆ ಎಲ್ಲರೂ ಒಗ್ಗಟ್ಟಾಗಿ ಬಾಳಬೇಕು. ಶಿಕ್ಷಣದಿಂದ ಮಾತ್ರ ಸಮುದಾಯದ ಅಭಿವೃದ್ಧಿ ಸಾಧ್ಯ. ಪೋಷಕರು ತಮ್ಮ ಮಕ್ಕಳಿಗೆ ಉತ್ತಮ ಶಿಕ್ಷಣ ಕೊಡಿಸಬೇಕು ಎಂದು ಸಲಹೆ ನೀಡಿದರು.

ಇದೇ ಸಂದರ್ಭದಲ್ಲಿ ಸಮುದಾಯದ ಸಾಧಕರನ್ನು ಸನ್ಮಾನಿಸಲಾಯಿತು. ಎಸ್ಸೆಸ್ಸೆಲ್ಸಿ, ಪಿಯುಸಿಯಲ್ಲಿ ಹೆಚ್ಚು ಅಂಕ ಪಡೆದ ವಿದ್ಯಾರ್ಥಿಗಳಿಗೆ ಪ್ರತಿಭಾ ಪುರಸ್ಕಾರ ನೀಡಲಾಯಿತು.

ಕಾರ್ಯಕ್ರಮದಲ್ಲಿ ಸಂಘದ ಅಧ್ಯಕ್ಷರು, ಪದಾಧಿಕಾರಿಗಳು, ಮುಖಂಡರು ಹಾಗೂ ಸಮುದಾಯದ ನೂರಾರು ಮಂದಿ ಭಾಗವಹಿಸಿದ್ದರು.

Printed by T.S. Gopinath, Published by M. Govinde Gowda on behalf of Academy Newspapers Private Limited, 15-C Industrial 'A' Layout, Bannimantap, Mysore-570 015 and Printed at Academy Newspapers Private Limited, 15-C Industrial 'A' Layout, Bannimantap, Mysore-570 015 and Published at 15-C Industrial 'A' Layout, Bannimantap, Mysore-570 015, Editor: M. Govinde Gowda Ph: 2496520 / 2496521 / 2496526 / 2496527 / 2496528. Fax: 0821-2496525. CITY OFFICES: Visweswaraya Building, III Floor, K.R. CIRCLE, MYSORE-570 001, Ph: 2431774 and No. 114, D. DEVARAJ URS ROAD (Opposite Big Bus), MYSORE-570 001. Ph: 2428695. RNI Reg. No. 36581 / 1980 E-mail address: news@mysurumithra.com For advertisements: ad@mysurumithra.com, www.mysurumithra.com
